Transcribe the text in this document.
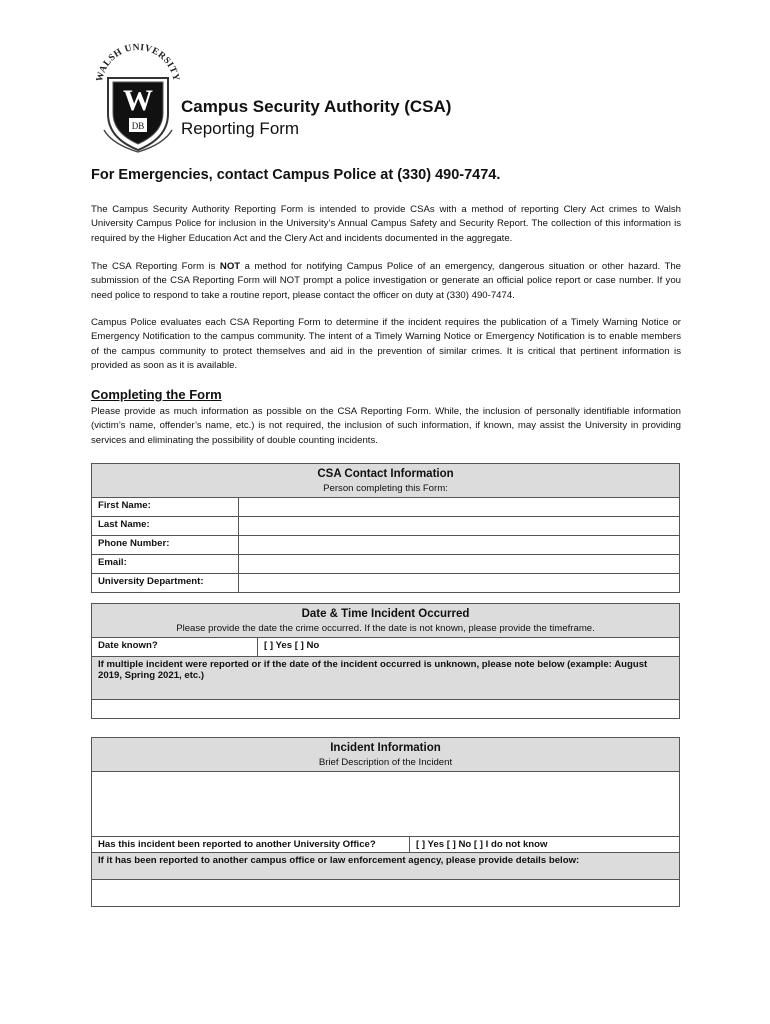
WALSH UNIVERSITY
W
DB

Campus Security Authority (CSA)

Reporting Form

For Emergencies, contact Campus Police at (330) 490-7474.

The Campus Security Authority Reporting Form is intended to provide CSAs with a method of reporting Clery Act crimes to Walsh University Campus Police for inclusion in the University’s Annual Campus Safety and Security Report. The collection of this information is required by the Higher Education Act and the Clery Act and incidents documented in the aggregate.

The CSA Reporting Form is NOT a method for notifying Campus Police of an emergency, dangerous situation or other hazard. The submission of the CSA Reporting Form will NOT prompt a police investigation or generate an official police report or case number. If you need police to respond to take a routine report, please contact the officer on duty at (330) 490-7474.

Campus Police evaluates each CSA Reporting Form to determine if the incident requires the publication of a Timely Warning Notice or Emergency Notification to the campus community. The intent of a Timely Warning Notice or Emergency Notification is to enable members of the campus community to protect themselves and aid in the prevention of similar crimes. It is critical that pertinent information is provided as soon as it is available.

Completing the Form

Please provide as much information as possible on the CSA Reporting Form. While, the inclusion of personally identifiable information (victim’s name, offender’s name, etc.) is not required, the inclusion of such information, if known, may assist the University in providing services and eliminating the possibility of double counting incidents.

CSA Contact Information
Person completing this Form:	

First Name:	
Last Name:	
Phone Number:	
Email:	
University Department:	
Date & Time Incident Occurred
Please provide the date the crime occurred. If the date is not known, please provide the timeframe.

Date known?	[ ] Yes [ ] No
If multiple incident were reported or if the date of the incident occurred is unknown, please note below (example: August 2019, Spring 2021, etc.)

Incident Information
Brief Description of the Incident

Has this incident been reported to another University Office?	[ ] Yes [ ] No [ ] I do not know
If it has been reported to another campus office or law enforcement agency, please provide details below:
